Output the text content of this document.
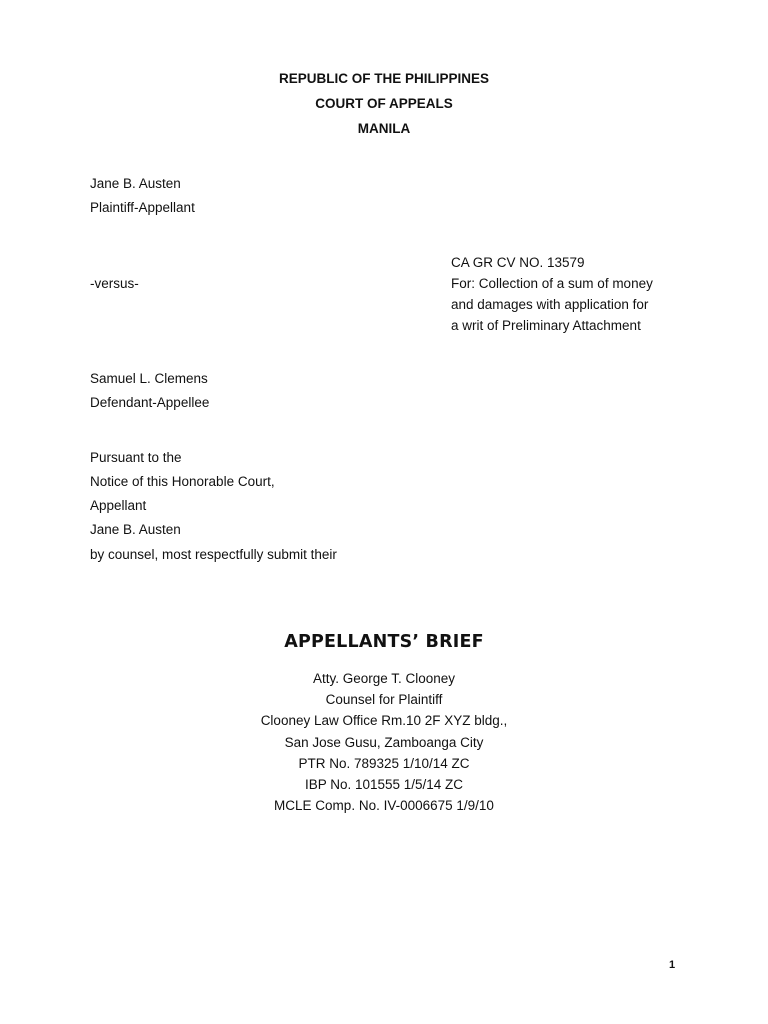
REPUBLIC OF THE PHILIPPINES
COURT OF APPEALS
MANILA
Jane B. Austen
Plaintiff-Appellant
CA GR CV NO. 13579
For: Collection of a sum of money
and damages with application for
a writ of Preliminary Attachment
-versus-
Samuel L. Clemens
Defendant-Appellee
Pursuant to the
Notice of this Honorable Court,
Appellant
Jane B. Austen
by counsel, most respectfully submit their
APPELLANTS’ BRIEF
Atty. George T. Clooney
Counsel for Plaintiff
Clooney Law Office Rm.10 2F XYZ bldg.,
San Jose Gusu, Zamboanga City
PTR No. 789325 1/10/14 ZC
IBP No. 101555 1/5/14 ZC
MCLE Comp. No. IV-0006675 1/9/10
1
